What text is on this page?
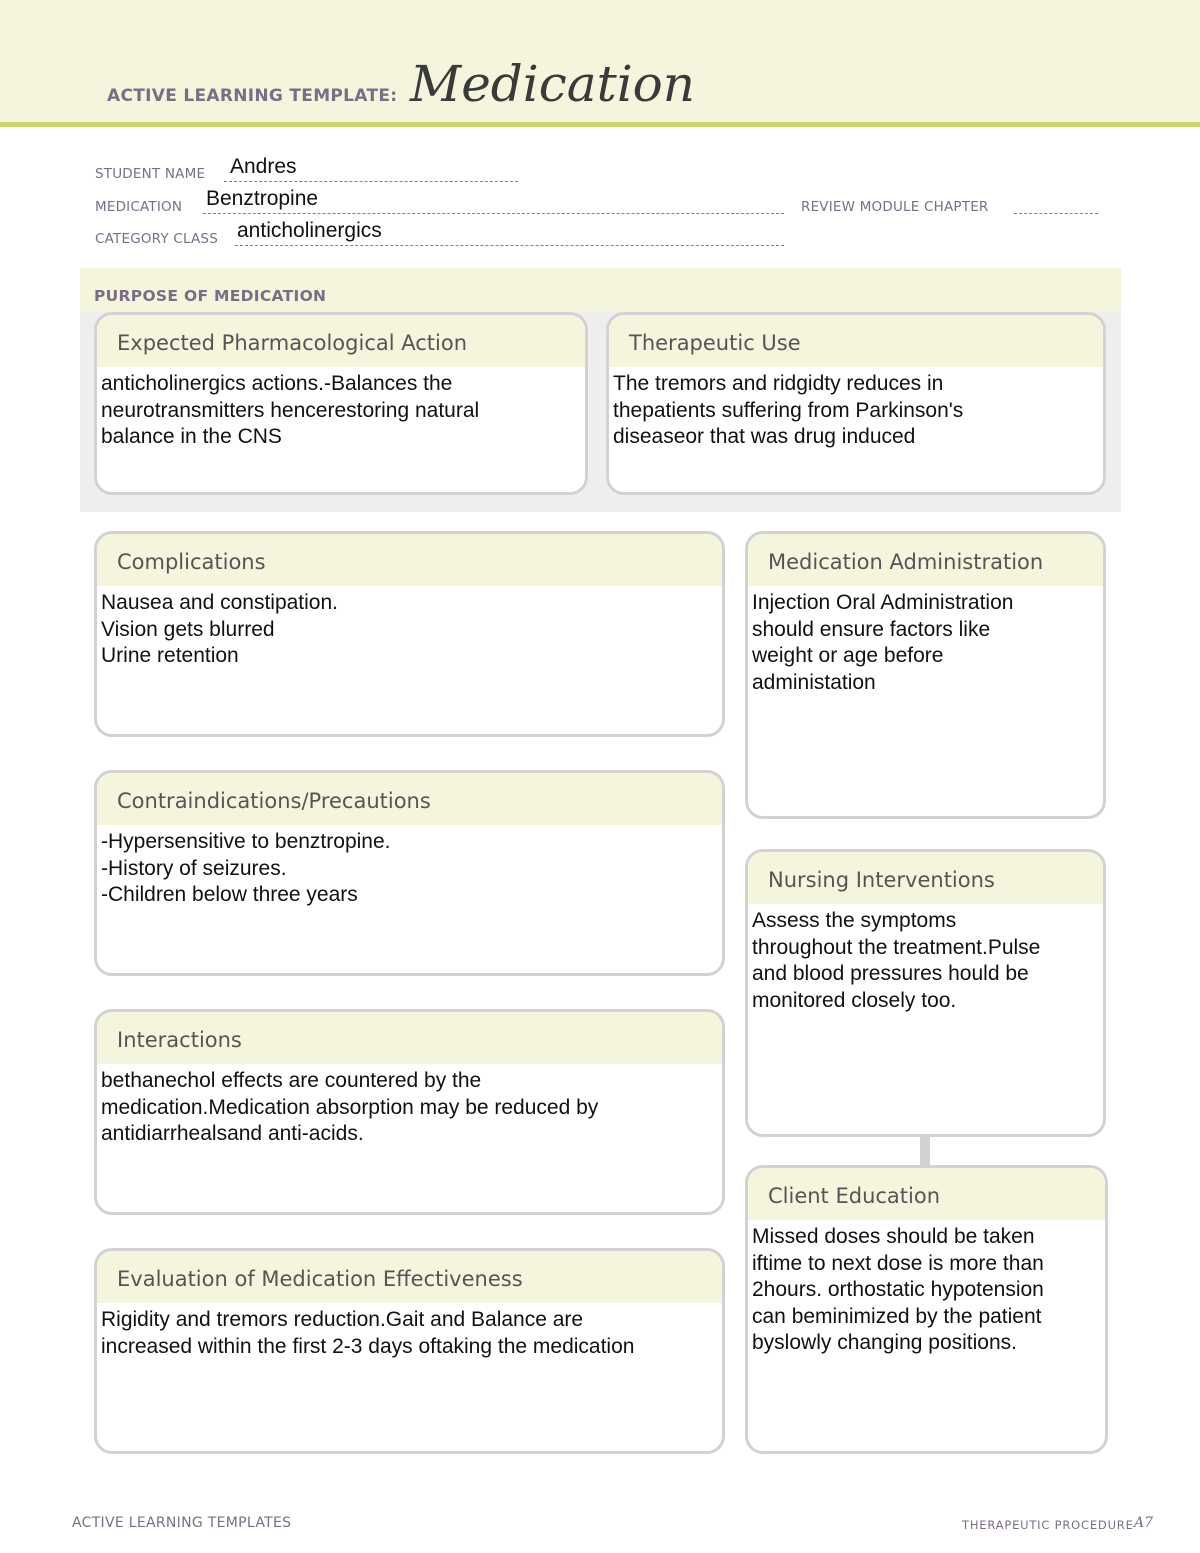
ACTIVE LEARNING TEMPLATE: Medication
STUDENT NAME Andres
MEDICATION Benztropine	REVIEW MODULE CHAPTER
CATEGORY CLASS anticholinergics
PURPOSE OF MEDICATION
Expected Pharmacological Action
anticholinergics actions.-Balances the
neurotransmitters hencerestoring natural
balance in the CNS
Therapeutic Use
The tremors and ridgidty reduces in
thepatients suffering from Parkinson's
diseaseor that was drug induced
Complications
Nausea and constipation.
Vision gets blurred
Urine retention
Contraindications/Precautions
-Hypersensitive to benztropine.
-History of seizures.
-Children below three years
Interactions
bethanechol effects are countered by the
medication.Medication absorption may be reduced by
antidiarrhealsand anti-acids.
Evaluation of Medication Effectiveness
Rigidity and tremors reduction.Gait and Balance are
increased within the first 2-3 days oftaking the medication
Medication Administration
Injection Oral Administration
should ensure factors like
weight or age before
administation
Nursing Interventions
Assess the symptoms
throughout the treatment.Pulse
and blood pressures hould be
monitored closely too.
Client Education
Missed doses should be taken
iftime to next dose is more than
2hours. orthostatic hypotension
can beminimized by the patient
byslowly changing positions.
ACTIVE LEARNING TEMPLATES	THERAPEUTIC PROCEDURE A7
